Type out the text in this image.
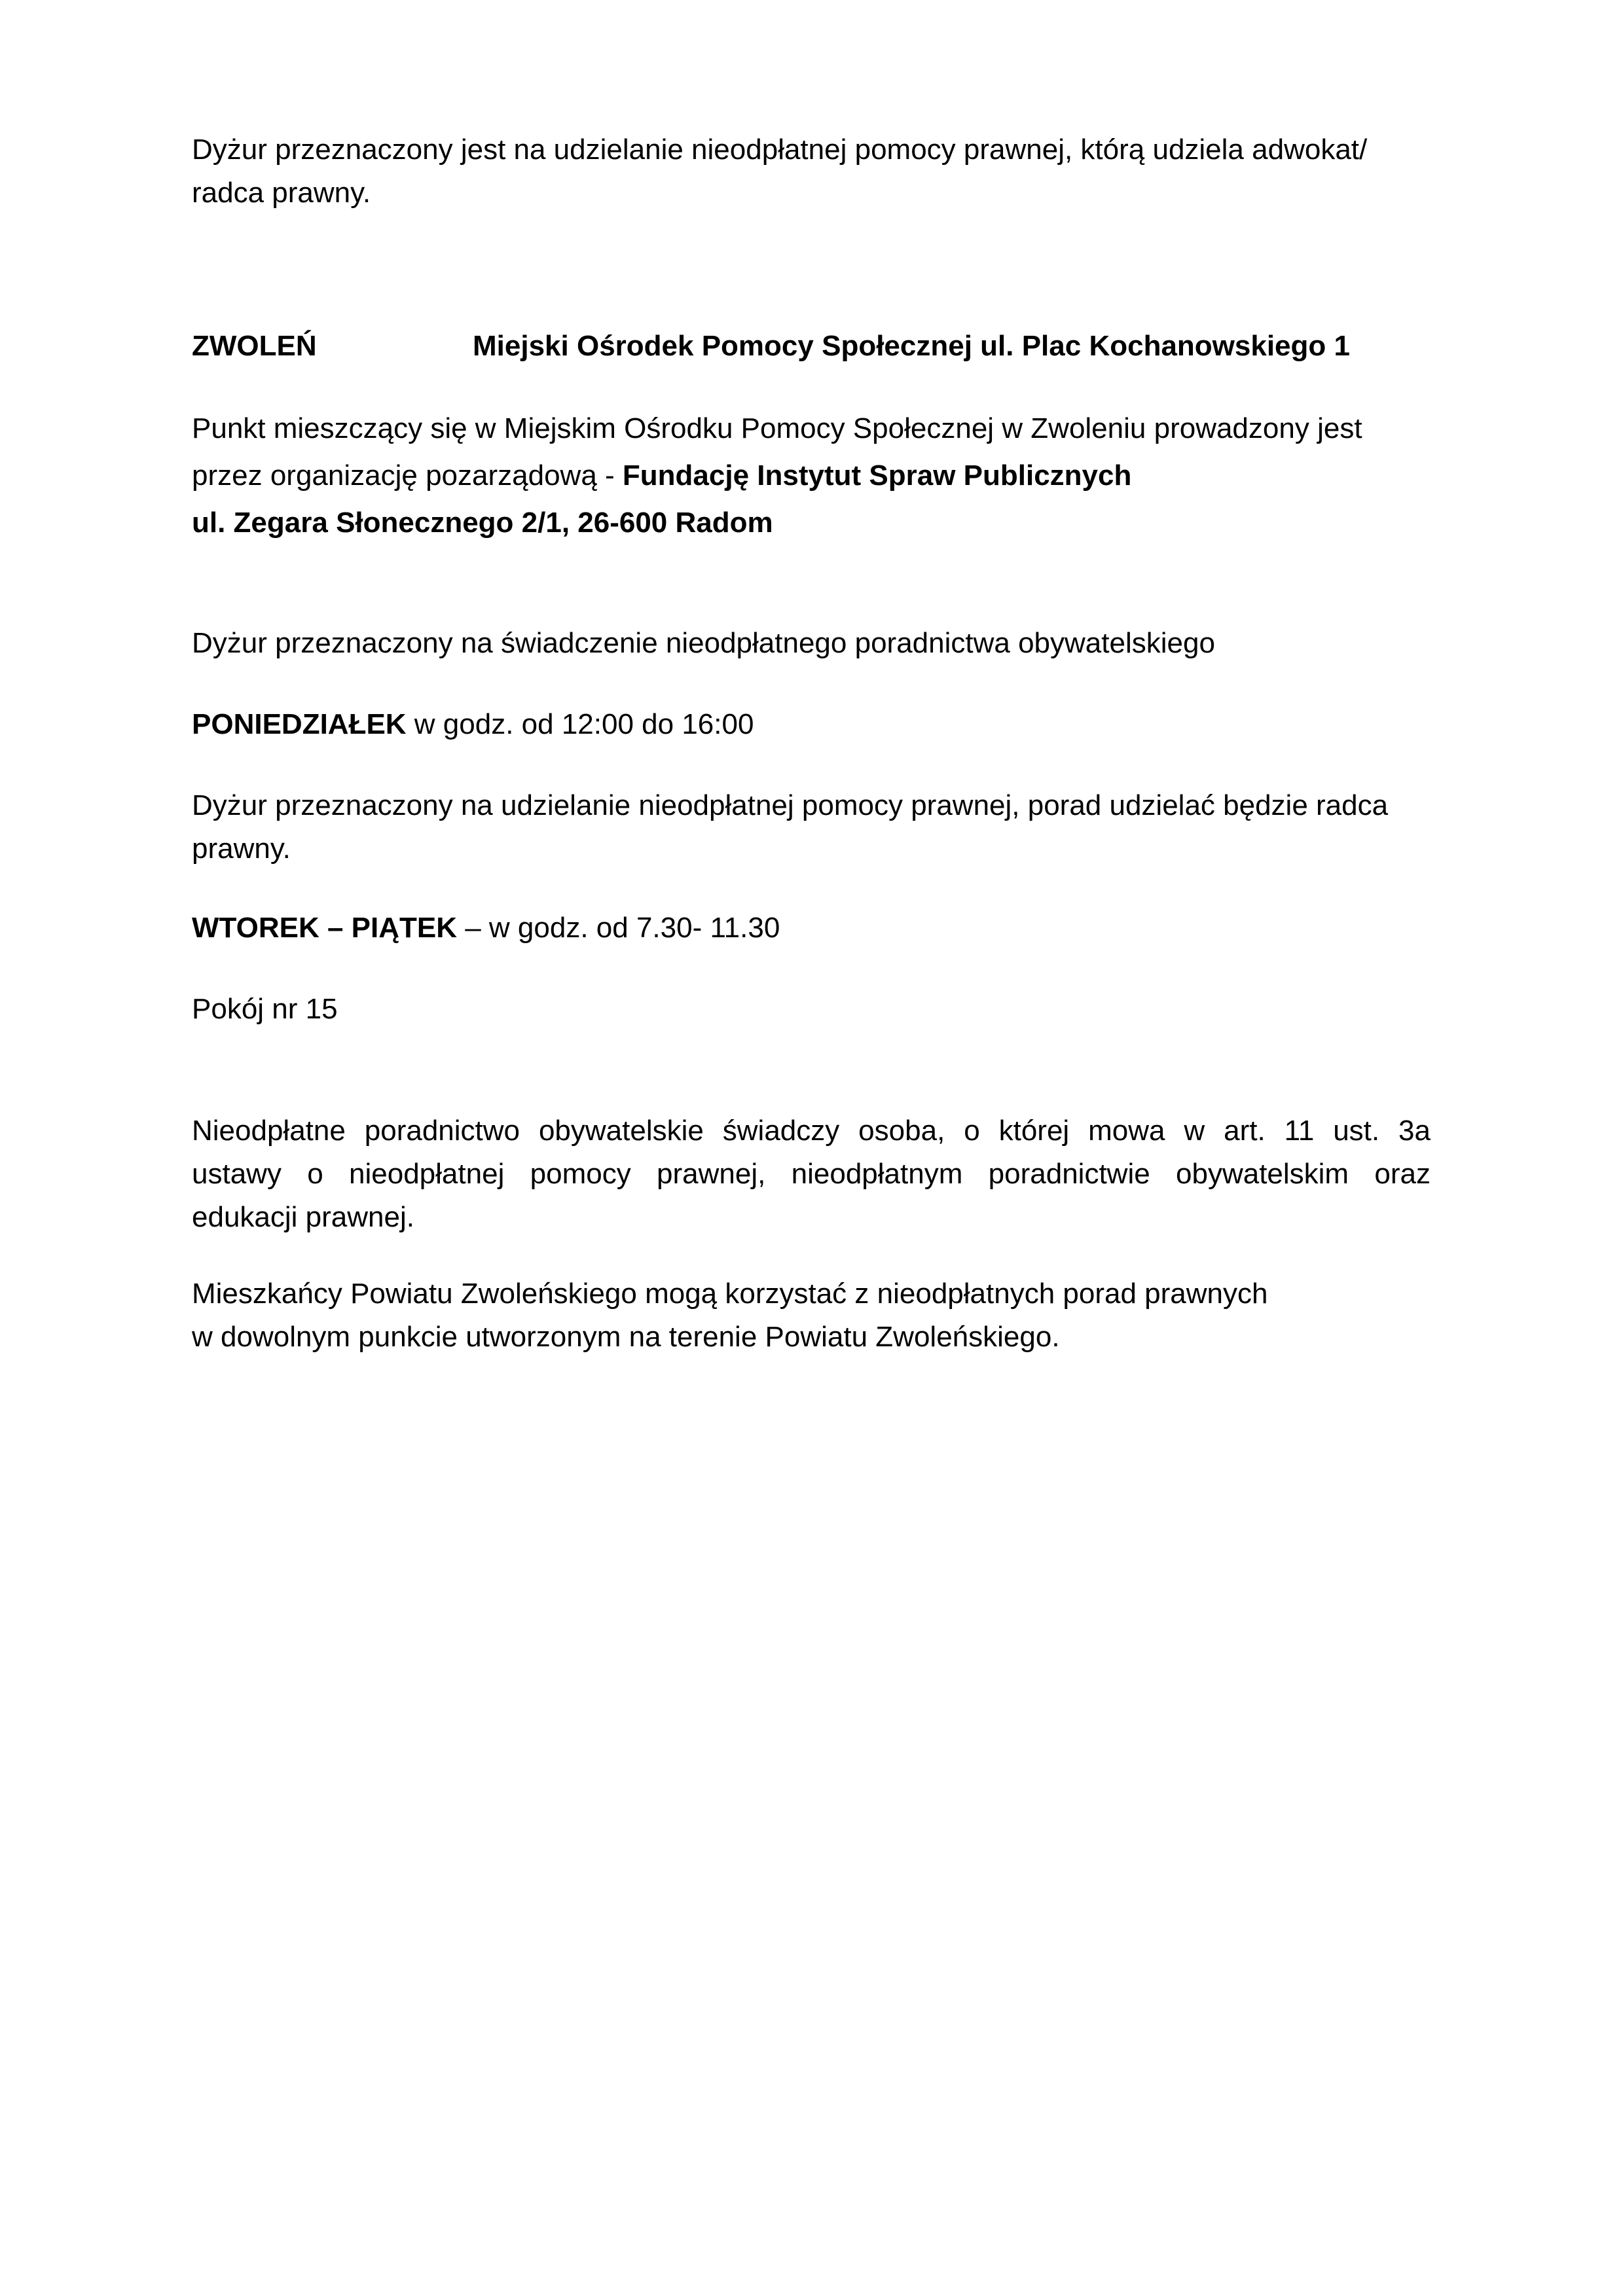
Dyżur przeznaczony jest na udzielanie nieodpłatnej pomocy prawnej, którą udziela adwokat/
radca prawny.

ZWOLEŃ	Miejski Ośrodek Pomocy Społecznej ul. Plac Kochanowskiego 1

Punkt mieszczący się w Miejskim Ośrodku Pomocy Społecznej w Zwoleniu prowadzony jest
przez organizację pozarządową - Fundację Instytut Spraw Publicznych
ul. Zegara Słonecznego 2/1, 26-600 Radom

Dyżur przeznaczony na świadczenie nieodpłatnego poradnictwa obywatelskiego

PONIEDZIAŁEK w godz. od 12:00 do 16:00

Dyżur przeznaczony na udzielanie nieodpłatnej pomocy prawnej, porad udzielać będzie radca
prawny.

WTOREK – PIĄTEK – w godz. od 7.30- 11.30

Pokój nr 15

Nieodpłatne poradnictwo obywatelskie świadczy osoba, o której mowa w art. 11 ust. 3a
ustawy o nieodpłatnej pomocy prawnej, nieodpłatnym poradnictwie obywatelskim oraz
edukacji prawnej.

Mieszkańcy Powiatu Zwoleńskiego mogą korzystać z nieodpłatnych porad prawnych
w dowolnym punkcie utworzonym na terenie Powiatu Zwoleńskiego.
